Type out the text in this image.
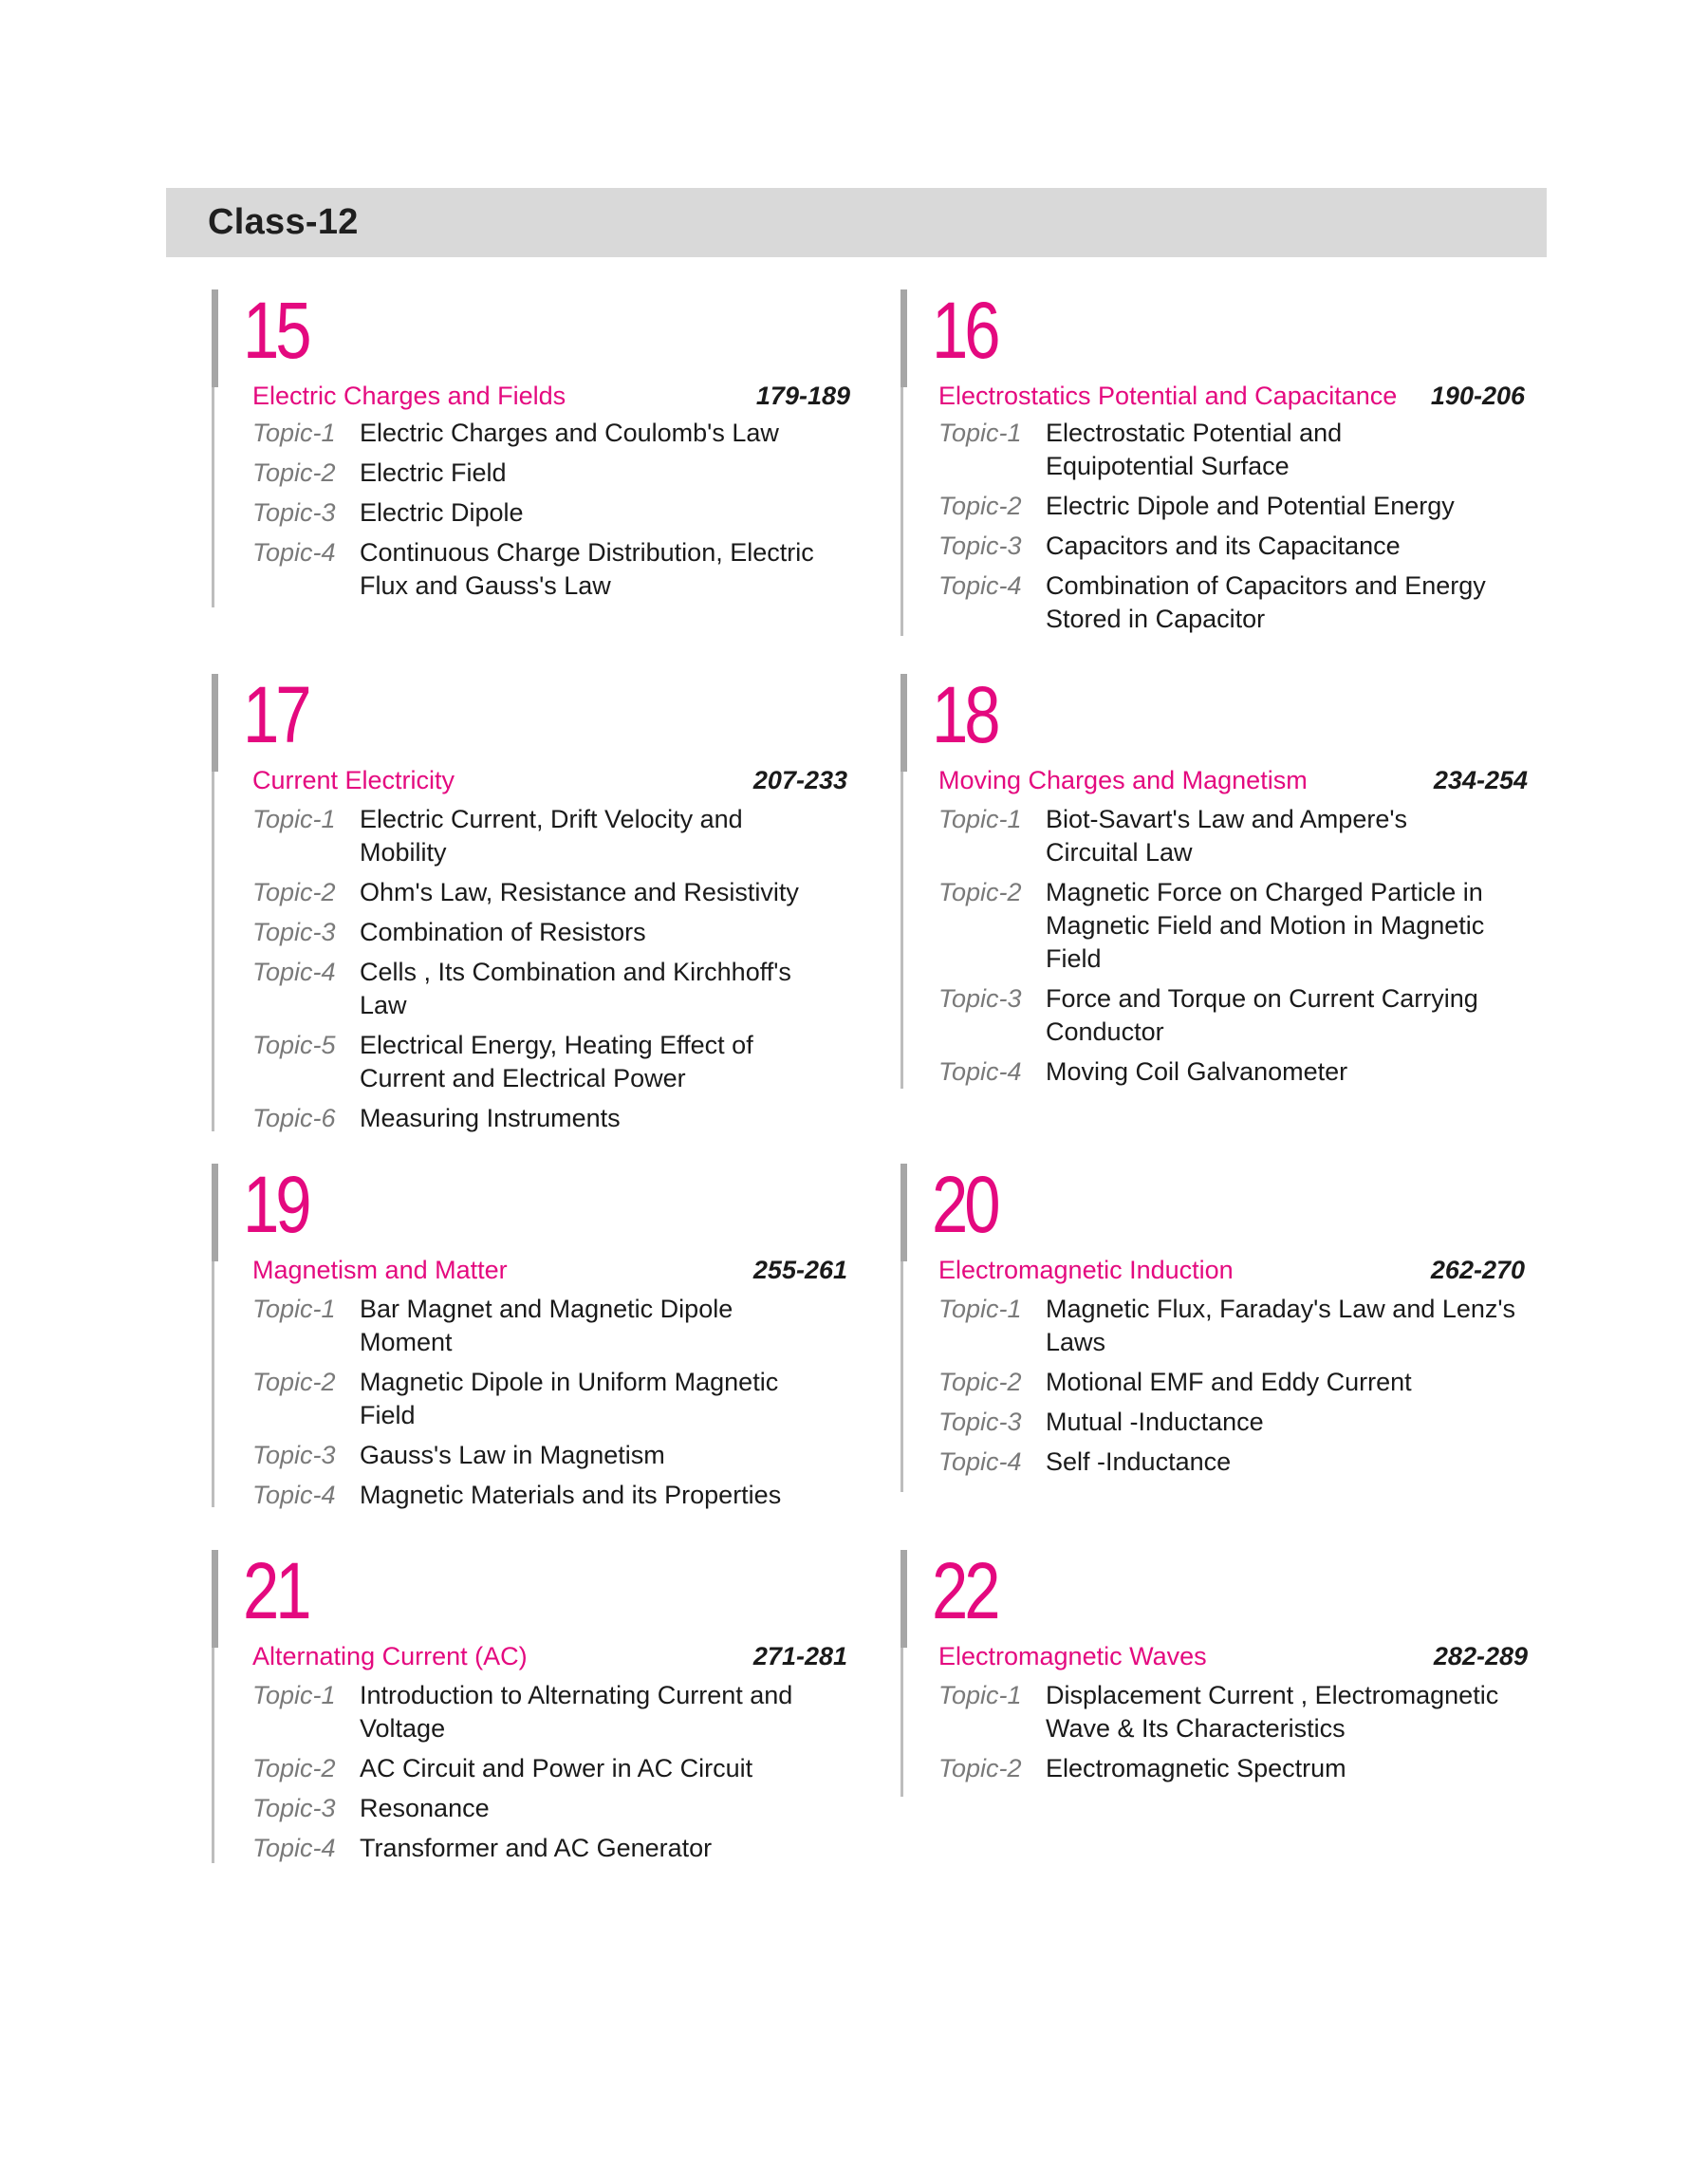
Class-12
15
Electric Charges and Fields	179-189
Topic-1 Electric Charges and Coulomb's Law
Topic-2 Electric Field
Topic-3 Electric Dipole
Topic-4 Continuous Charge Distribution, Electric Flux and Gauss's Law
16
Electrostatics Potential and Capacitance 190-206
Topic-1 Electrostatic Potential and Equipotential Surface
Topic-2 Electric Dipole and Potential Energy
Topic-3 Capacitors and its Capacitance
Topic-4 Combination of Capacitors and Energy Stored in Capacitor
17
Current Electricity	207-233
Topic-1 Electric Current, Drift Velocity and Mobility
Topic-2 Ohm's Law, Resistance and Resistivity
Topic-3 Combination of Resistors
Topic-4 Cells , Its Combination and Kirchhoff's Law
Topic-5 Electrical Energy, Heating Effect of Current and Electrical Power
Topic-6 Measuring Instruments
18
Moving Charges and Magnetism	234-254
Topic-1 Biot-Savart's Law and Ampere's Circuital Law
Topic-2 Magnetic Force on Charged Particle in Magnetic Field and Motion in Magnetic Field
Topic-3 Force and Torque on Current Carrying Conductor
Topic-4 Moving Coil Galvanometer
19
Magnetism and Matter	255-261
Topic-1 Bar Magnet and Magnetic Dipole Moment
Topic-2 Magnetic Dipole in Uniform Magnetic Field
Topic-3 Gauss's Law in Magnetism
Topic-4 Magnetic Materials and its Properties
20
Electromagnetic Induction	262-270
Topic-1 Magnetic Flux, Faraday's Law and Lenz's Laws
Topic-2 Motional EMF and Eddy Current
Topic-3 Mutual -Inductance
Topic-4 Self -Inductance
21
Alternating Current (AC)	271-281
Topic-1 Introduction to Alternating Current and Voltage
Topic-2 AC Circuit and Power in AC Circuit
Topic-3 Resonance
Topic-4 Transformer and AC Generator
22
Electromagnetic Waves	282-289
Topic-1 Displacement Current , Electromagnetic Wave & Its Characteristics
Topic-2 Electromagnetic Spectrum
